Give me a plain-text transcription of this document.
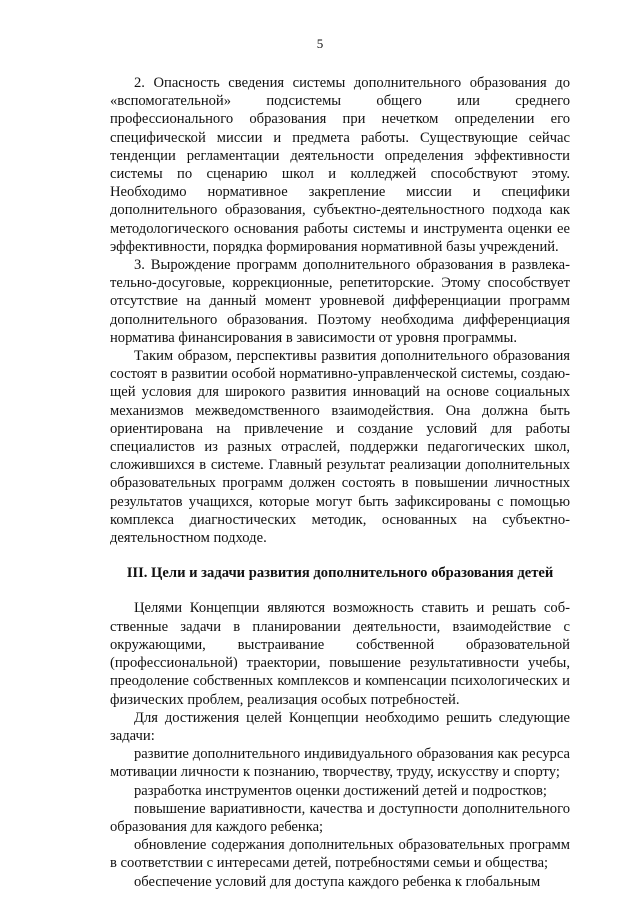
5

2. Опасность сведения системы дополнительного образования до «вспомогательной» подсистемы общего или среднего профессионального образования при нечетком определении его специфической миссии и предмета работы. Существующие сейчас тенденции регламентации деятельности определения эффективности системы по сценарию школ и колледжей способствуют этому. Необходимо нормативное закрепление миссии и специфики дополнительного образования, субъектно-деятельностного подхода как методологического основания работы системы и инструмента оценки ее эффективности, порядка формирования нормативной базы учреждений.

3. Вырождение программ дополнительного образования в развлекательно-досуговые, коррекционные, репетиторские. Этому способствует отсутствие на данный момент уровневой дифференциации программ дополнительного образования. Поэтому необходима дифференциация норматива финансирования в зависимости от уровня программы.

Таким образом, перспективы развития дополнительного образования состоят в развитии особой нормативно-управленческой системы, создающей условия для широкого развития инноваций на основе социальных механизмов межведомственного взаимодействия. Она должна быть ориентирована на привлечение и создание условий для работы специалистов из разных отраслей, поддержки педагогических школ, сложившихся в системе. Главный результат реализации дополнительных образовательных программ должен состоять в повышении личностных результатов учащихся, которые могут быть зафиксированы с помощью комплекса диагностических методик, основанных на субъектно-деятельностном подходе.

III. Цели и задачи развития дополнительного образования детей

Целями Концепции являются возможность ставить и решать собственные задачи в планировании деятельности, взаимодействие с окружающими, выстраивание собственной образовательной (профессиональной) траектории, повышение результативности учебы, преодоление собственных комплексов и компенсации психологических и физических проблем, реализация особых потребностей.

Для достижения целей Концепции необходимо решить следующие задачи:

развитие дополнительного индивидуального образования как ресурса мотивации личности к познанию, творчеству, труду, искусству и спорту;

разработка инструментов оценки достижений детей и подростков;

повышение вариативности, качества и доступности дополнительного образования для каждого ребенка;

обновление содержания дополнительных образовательных программ в соответствии с интересами детей, потребностями семьи и общества;

обеспечение условий для доступа каждого ребенка к глобальным
